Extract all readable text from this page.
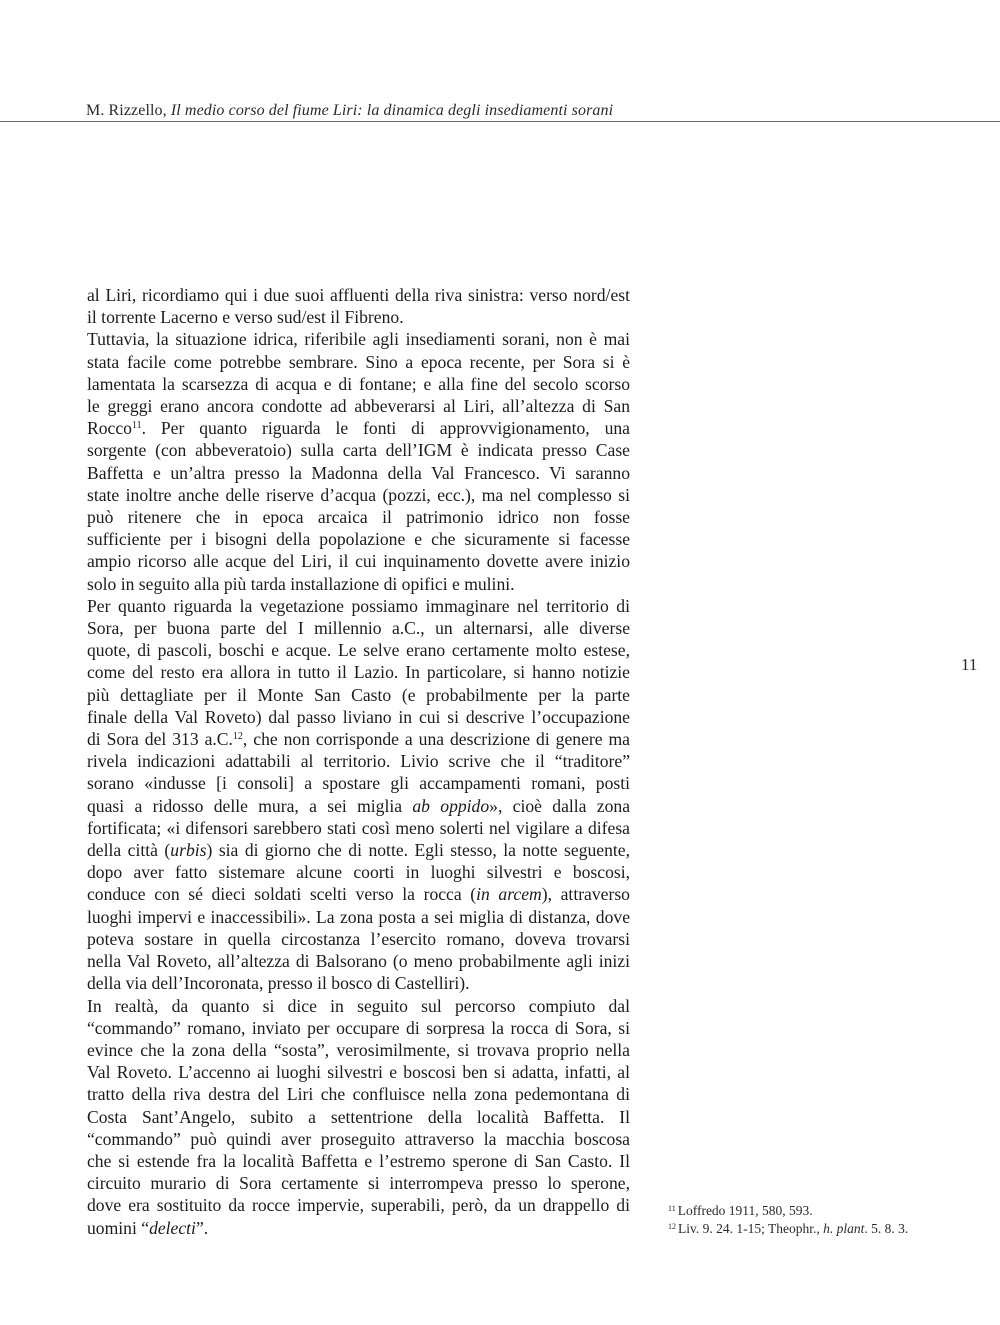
M. Rizzello, Il medio corso del fiume Liri: la dinamica degli insediamenti sorani
al Liri, ricordiamo qui i due suoi affluenti della riva sinistra: verso nord/est
il torrente Lacerno e verso sud/est il Fibreno.
Tuttavia, la situazione idrica, riferibile agli insediamenti sorani, non è mai
stata facile come potrebbe sembrare. Sino a epoca recente, per Sora si è
lamentata la scarsezza di acqua e di fontane; e alla fine del secolo scorso
le greggi erano ancora condotte ad abbeverarsi al Liri, all’altezza di San
Rocco$^{11}$. Per quanto riguarda le fonti di approvvigionamento, una
sorgente (con abbeveratoio) sulla carta dell’IGM è indicata presso Case
Baffetta e un’altra presso la Madonna della Val Francesco. Vi saranno
state inoltre anche delle riserve d’acqua (pozzi, ecc.), ma nel complesso si
può ritenere che in epoca arcaica il patrimonio idrico non fosse
sufficiente per i bisogni della popolazione e che sicuramente si facesse
ampio ricorso alle acque del Liri, il cui inquinamento dovette avere inizio
solo in seguito alla più tarda installazione di opifici e mulini.
Per quanto riguarda la vegetazione possiamo immaginare nel territorio di
Sora, per buona parte del I millennio a.C., un alternarsi, alle diverse
quote, di pascoli, boschi e acque. Le selve erano certamente molto estese,
come del resto era allora in tutto il Lazio. In particolare, si hanno notizie
più dettagliate per il Monte San Casto (e probabilmente per la parte
finale della Val Roveto) dal passo liviano in cui si descrive l’occupazione
di Sora del 313 a.C.$^{12}$, che non corrisponde a una descrizione di genere ma
rivela indicazioni adattabili al territorio. Livio scrive che il “traditore”
sorano «indusse [i consoli] a spostare gli accampamenti romani, posti
quasi a ridosso delle mura, a sei miglia ab oppido», cioè dalla zona
fortificata; «i difensori sarebbero stati così meno solerti nel vigilare a difesa
della città (urbis) sia di giorno che di notte. Egli stesso, la notte seguente,
dopo aver fatto sistemare alcune coorti in luoghi silvestri e boscosi,
conduce con sé dieci soldati scelti verso la rocca (in arcem), attraverso
luoghi impervi e inaccessibili». La zona posta a sei miglia di distanza, dove
poteva sostare in quella circostanza l’esercito romano, doveva trovarsi
nella Val Roveto, all’altezza di Balsorano (o meno probabilmente agli inizi
della via dell’Incoronata, presso il bosco di Castelliri).
In realtà, da quanto si dice in seguito sul percorso compiuto dal
“commando” romano, inviato per occupare di sorpresa la rocca di Sora, si
evince che la zona della “sosta”, verosimilmente, si trovava proprio nella
Val Roveto. L’accenno ai luoghi silvestri e boscosi ben si adatta, infatti, al
tratto della riva destra del Liri che confluisce nella zona pedemontana di
Costa Sant’Angelo, subito a settentrione della località Baffetta. Il
“commando” può quindi aver proseguito attraverso la macchia boscosa
che si estende fra la località Baffetta e l’estremo sperone di San Casto. Il
circuito murario di Sora certamente si interrompeva presso lo sperone,
dove era sostituito da rocce impervie, superabili, però, da un drappello di
uomini “delecti”.
11
$^{11}$ Loffredo 1911, 580, 593.
$^{12}$ Liv. 9. 24. 1-15; Theophr., h. plant. 5. 8. 3.
